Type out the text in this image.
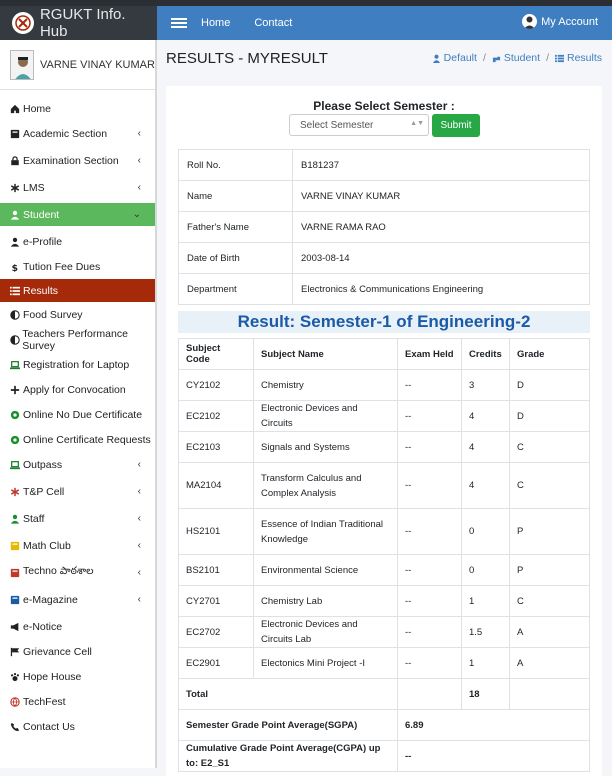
RGUKT Info. Hub	Home Contact	My Account
VARNE VINAY KUMAR
Home
Academic Section	‹
Examination Section ‹
LMS	‹
Student	⌄
e-Profile
$ Tution Fee Dues
Results
Food Survey
Teachers Performance Survey
Registration for Laptop
Apply for Convocation
Online No Due Certificate
Online Certificate Requests
Outpass	‹
T&P Cell	‹
Staff	‹
Math Club	‹
Techno పాఠశాల	‹
e-Magazine	‹
e-Notice
Grievance Cell
Hope House
TechFest
Contact Us
RESULTS - MYRESULT	Default / Student / Results
Please Select Semester :
Select Semester	▲▼	Submit
Roll No.	B181237
Name	VARNE VINAY KUMAR
Father's Name	VARNE RAMA RAO
Date of Birth	2003-08-14
Department	Electronics & Communications Engineering
Result: Semester-1 of Engineering-2
Subject Code	Subject Name	Exam Held	Credits	Grade
CY2102	Chemistry	--	3	D
EC2102	Electronic Devices and Circuits	--	4	D
EC2103	Signals and Systems	--	4	C
MA2104	Transform Calculus and Complex Analysis	--	4	C
HS2101	Essence of Indian Traditional Knowledge	--	0	P
BS2101	Environmental Science	--	0	P
CY2701	Chemistry Lab	--	1	C
EC2702	Electronic Devices and Circuits Lab	--	1.5	A
EC2901	Electonics Mini Project -I	--	1	A
Total			18	
Semester Grade Point Average(SGPA)		6.89		
Cumulative Grade Point Average(CGPA) up to: E2_S1		--		
